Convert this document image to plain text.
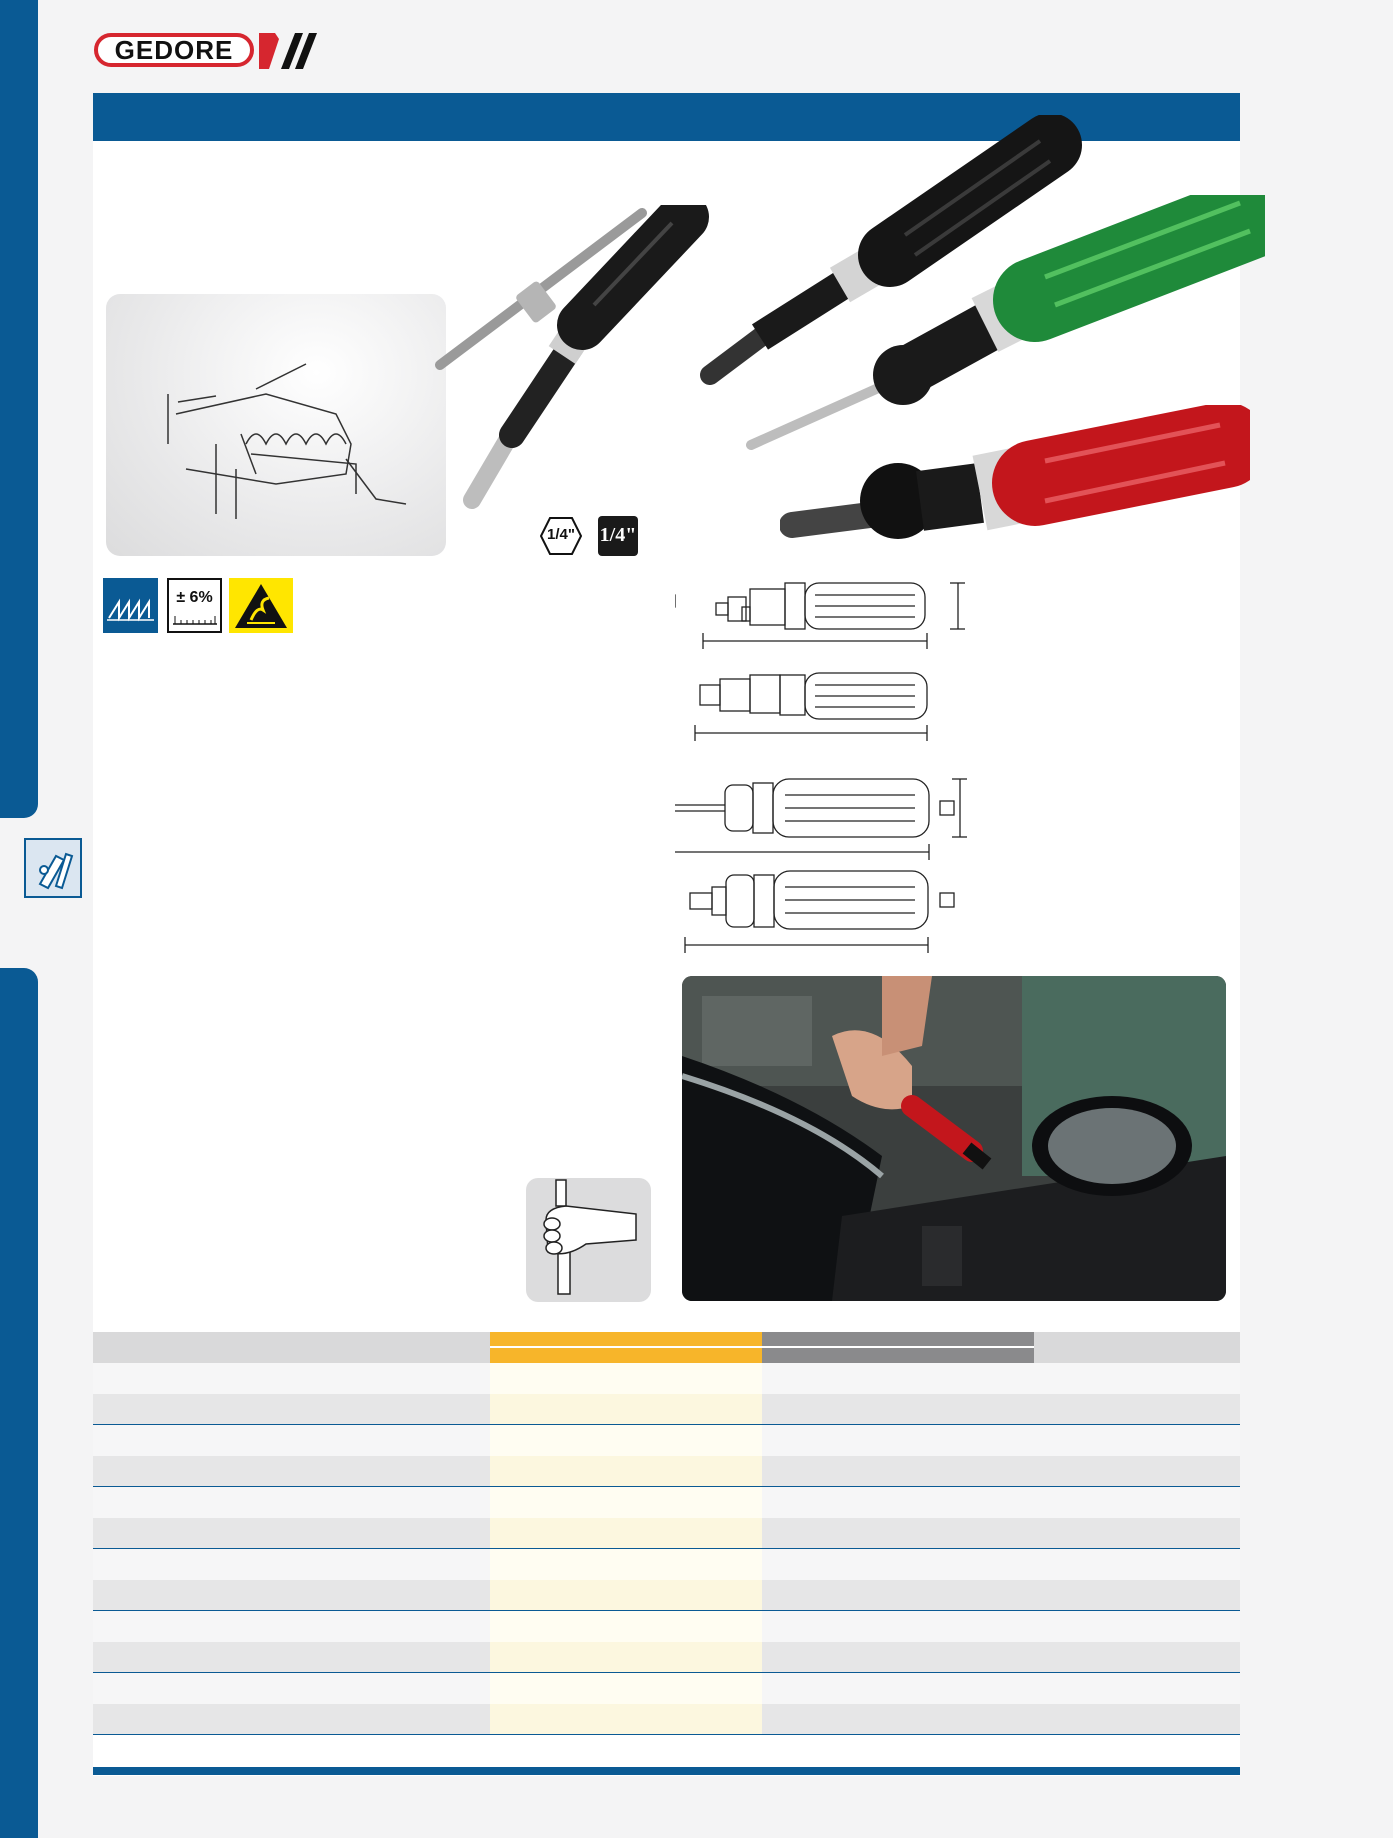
GEDORE
1/4"	1/4"
± 6%
